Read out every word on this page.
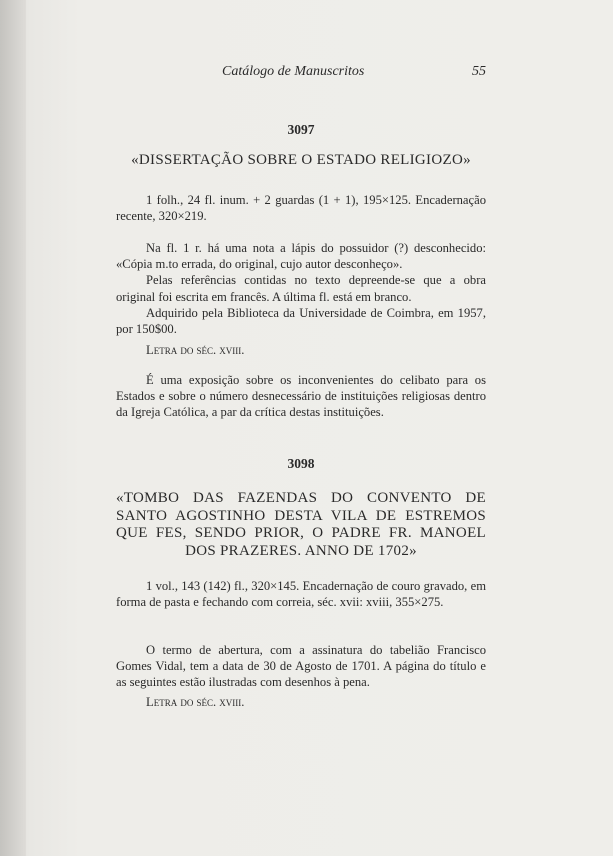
Catálogo de Manuscritos	55
3097
«DISSERTAÇÃO SOBRE O ESTADO RELIGIOZO»

1 folh., 24 fl. inum. + 2 guardas (1 + 1), 195×125. Encadernação recente, 320×219.

Na fl. 1 r. há uma nota a lápis do possuidor (?) desconhecido: «Cópia m.to errada, do original, cujo autor desconheço».

Pelas referências contidas no texto depreende-se que a obra original foi escrita em francês. A última fl. está em branco.

Adquirido pela Biblioteca da Universidade de Coimbra, em 1957, por 150$00.

Letra do séc. xviii.

É uma exposição sobre os inconvenientes do celibato para os Estados e sobre o número desnecessário de instituições religiosas dentro da Igreja Católica, a par da crítica destas instituições.

3098
«TOMBO DAS FAZENDAS DO CONVENTO DE SANTO AGOSTINHO DESTA VILA DE ESTREMOS QUE FES, SENDO PRIOR, O PADRE FR. MANOEL DOS PRAZERES. ANNO DE 1702»

1 vol., 143 (142) fl., 320×145. Encadernação de couro gravado, em forma de pasta e fechando com correia, séc. xvii: xviii, 355×275.

O termo de abertura, com a assinatura do tabelião Francisco Gomes Vidal, tem a data de 30 de Agosto de 1701. A página do título e as seguintes estão ilustradas com desenhos à pena.

Letra do séc. xviii.
